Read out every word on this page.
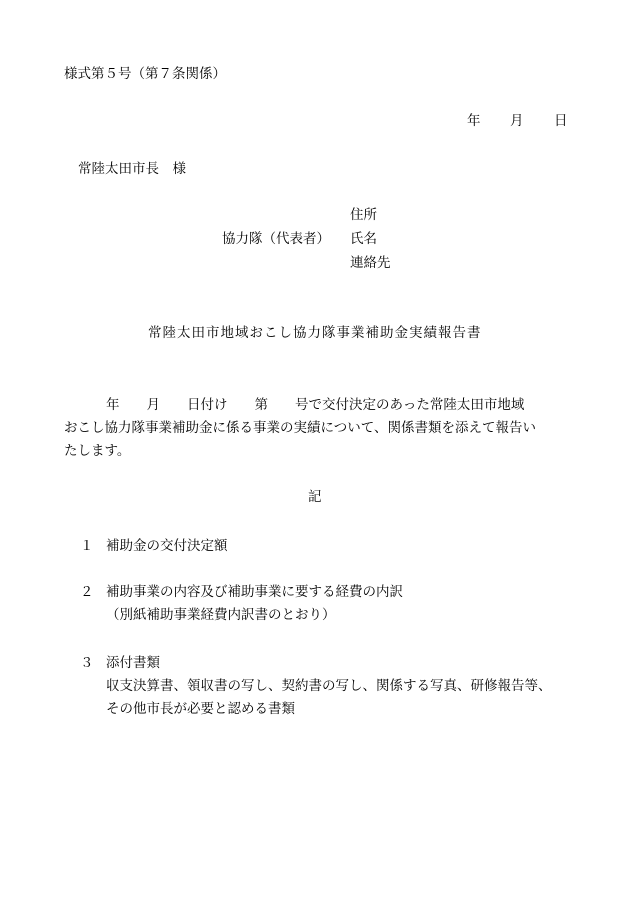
様式第５号（第７条関係）
年 月 日
常陸太田市長　様
協力隊（代表者）
住所
氏名
連絡先
常陸太田市地域おこし協力隊事業補助金実績報告書
年　　月　　日付け　　第　　号で交付決定のあった常陸太田市地域
おこし協力隊事業補助金に係る事業の実績について、関係書類を添えて報告い
たします。
記
１ 補助金の交付決定額
２ 補助事業の内容及び補助事業に要する経費の内訳
（別紙補助事業経費内訳書のとおり）
３ 添付書類
収支決算書、領収書の写し、契約書の写し、関係する写真、研修報告等、
その他市長が必要と認める書類
